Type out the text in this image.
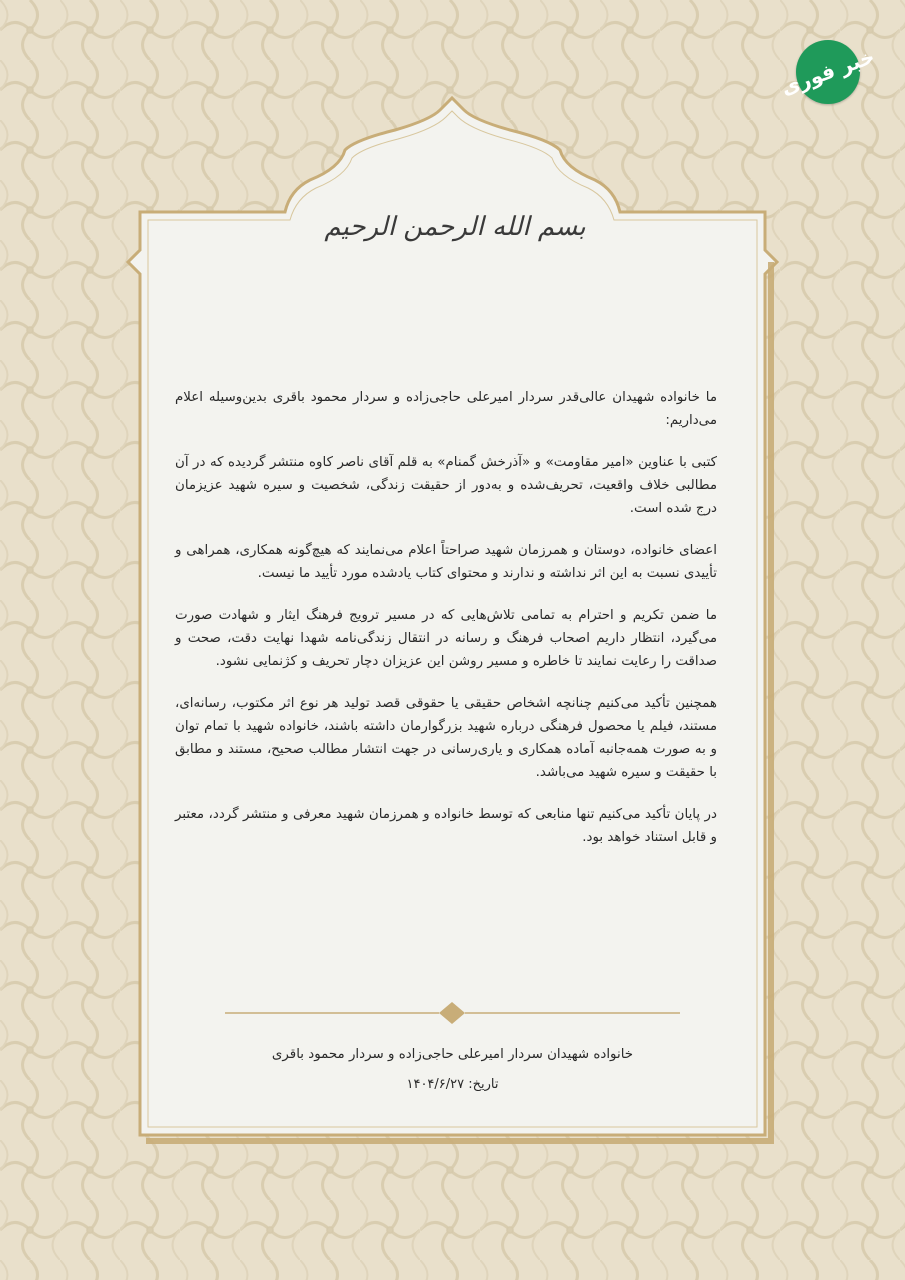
خبر فوری
بسم الله الرحمن الرحیم

ما خانواده شهیدان عالی‌قدر سردار امیرعلی حاجی‌زاده و سردار محمود باقری بدین‌وسیله اعلام می‌داریم:

کتبی با عناوین «امیر مقاومت» و «آذرخش گمنام» به قلم آقای ناصر کاوه منتشر گردیده که در آن مطالبی خلاف واقعیت، تحریف‌شده و به‌دور از حقیقت زندگی، شخصیت و سیره شهید عزیزمان درج شده است.

اعضای خانواده، دوستان و همرزمان شهید صراحتاً اعلام می‌نمایند که هیچ‌گونه همکاری، همراهی و تأییدی نسبت به این اثر نداشته و ندارند و محتوای کتاب یادشده مورد تأیید ما نیست.

ما ضمن تکریم و احترام به تمامی تلاش‌هایی که در مسیر ترویج فرهنگ ایثار و شهادت صورت می‌گیرد، انتظار داریم اصحاب فرهنگ و رسانه در انتقال زندگی‌نامه شهدا نهایت دقت، صحت و صداقت را رعایت نمایند تا خاطره و مسیر روشن این عزیزان دچار تحریف و کژنمایی نشود.

همچنین تأکید می‌کنیم چنانچه اشخاص حقیقی یا حقوقی قصد تولید هر نوع اثر مکتوب، رسانه‌ای، مستند، فیلم یا محصول فرهنگی درباره شهید بزرگوارمان داشته باشند، خانواده شهید با تمام توان و به صورت همه‌جانبه آماده همکاری و یاری‌رسانی در جهت انتشار مطالب صحیح، مستند و مطابق با حقیقت و سیره شهید می‌باشد.

در پایان تأکید می‌کنیم تنها منابعی که توسط خانواده و همرزمان شهید معرفی و منتشر گردد، معتبر و قابل استناد خواهد بود.

خانواده شهیدان سردار امیرعلی حاجی‌زاده و سردار محمود باقری
تاریخ: ۱۴۰۴/۶/۲۷
